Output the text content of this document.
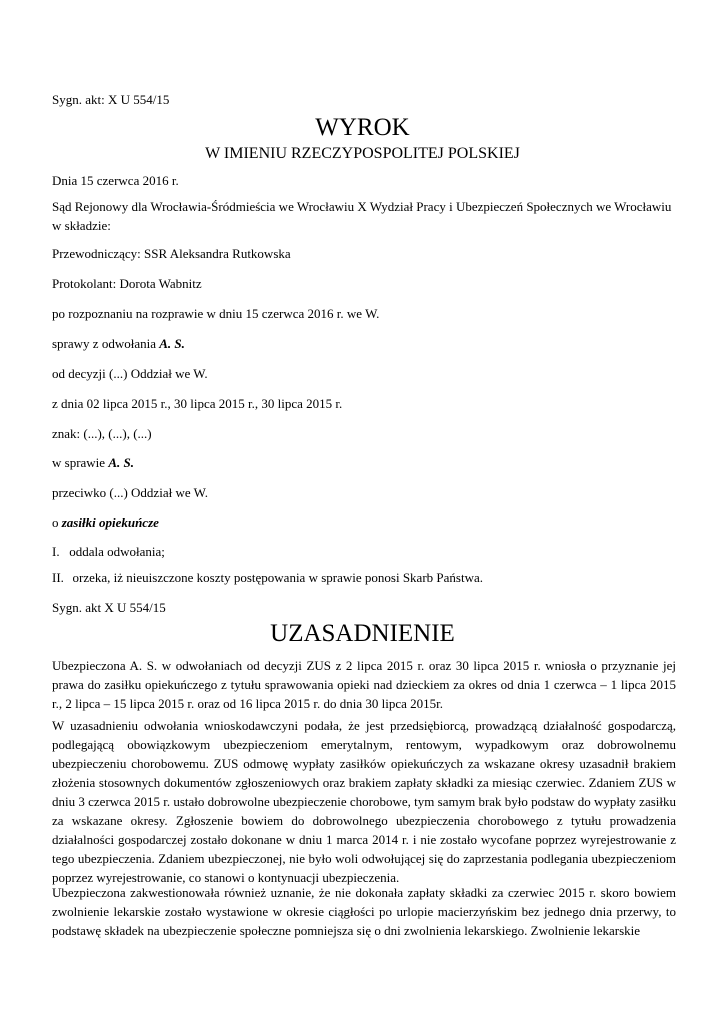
Sygn. akt: X U 554/15

WYROK
W IMIENIU RZECZYPOSPOLITEJ POLSKIEJ

Dnia 15 czerwca 2016 r.

Sąd Rejonowy dla Wrocławia-Śródmieścia we Wrocławiu X Wydział Pracy i Ubezpieczeń Społecznych we Wrocławiu w składzie:

Przewodniczący: SSR Aleksandra Rutkowska

Protokolant: Dorota Wabnitz

po rozpoznaniu na rozprawie w dniu 15 czerwca 2016 r. we W.

sprawy z odwołania A. S.

od decyzji (...) Oddział we W.

z dnia 02 lipca 2015 r., 30 lipca 2015 r., 30 lipca 2015 r.

znak: (...), (...), (...)

w sprawie A. S.

przeciwko (...) Oddział we W.

o zasiłki opiekuńcze

I. oddala odwołania;

II. orzeka, iż nieuiszczone koszty postępowania w sprawie ponosi Skarb Państwa.

Sygn. akt X U 554/15

UZASADNIENIE

Ubezpieczona A. S. w odwołaniach od decyzji ZUS z 2 lipca 2015 r. oraz 30 lipca 2015 r. wniosła o przyznanie jej prawa do zasiłku opiekuńczego z tytułu sprawowania opieki nad dzieckiem za okres od dnia 1 czerwca – 1 lipca 2015 r., 2 lipca – 15 lipca 2015 r. oraz od 16 lipca 2015 r. do dnia 30 lipca 2015r.

W uzasadnieniu odwołania wnioskodawczyni podała, że jest przedsiębiorcą, prowadzącą działalność gospodarczą, podlegającą obowiązkowym ubezpieczeniom emerytalnym, rentowym, wypadkowym oraz dobrowolnemu ubezpieczeniu chorobowemu. ZUS odmowę wypłaty zasiłków opiekuńczych za wskazane okresy uzasadnił brakiem złożenia stosownych dokumentów zgłoszeniowych oraz brakiem zapłaty składki za miesiąc czerwiec. Zdaniem ZUS w dniu 3 czerwca 2015 r. ustało dobrowolne ubezpieczenie chorobowe, tym samym brak było podstaw do wypłaty zasiłku za wskazane okresy. Zgłoszenie bowiem do dobrowolnego ubezpieczenia chorobowego z tytułu prowadzenia działalności gospodarczej zostało dokonane w dniu 1 marca 2014 r. i nie zostało wycofane poprzez wyrejestrowanie z tego ubezpieczenia. Zdaniem ubezpieczonej, nie było woli odwołującej się do zaprzestania podlegania ubezpieczeniom poprzez wyrejestrowanie, co stanowi o kontynuacji ubezpieczenia.

Ubezpieczona zakwestionowała również uznanie, że nie dokonała zapłaty składki za czerwiec 2015 r. skoro bowiem zwolnienie lekarskie zostało wystawione w okresie ciągłości po urlopie macierzyńskim bez jednego dnia przerwy, to podstawę składek na ubezpieczenie społeczne pomniejsza się o dni zwolnienia lekarskiego. Zwolnienie lekarskie
